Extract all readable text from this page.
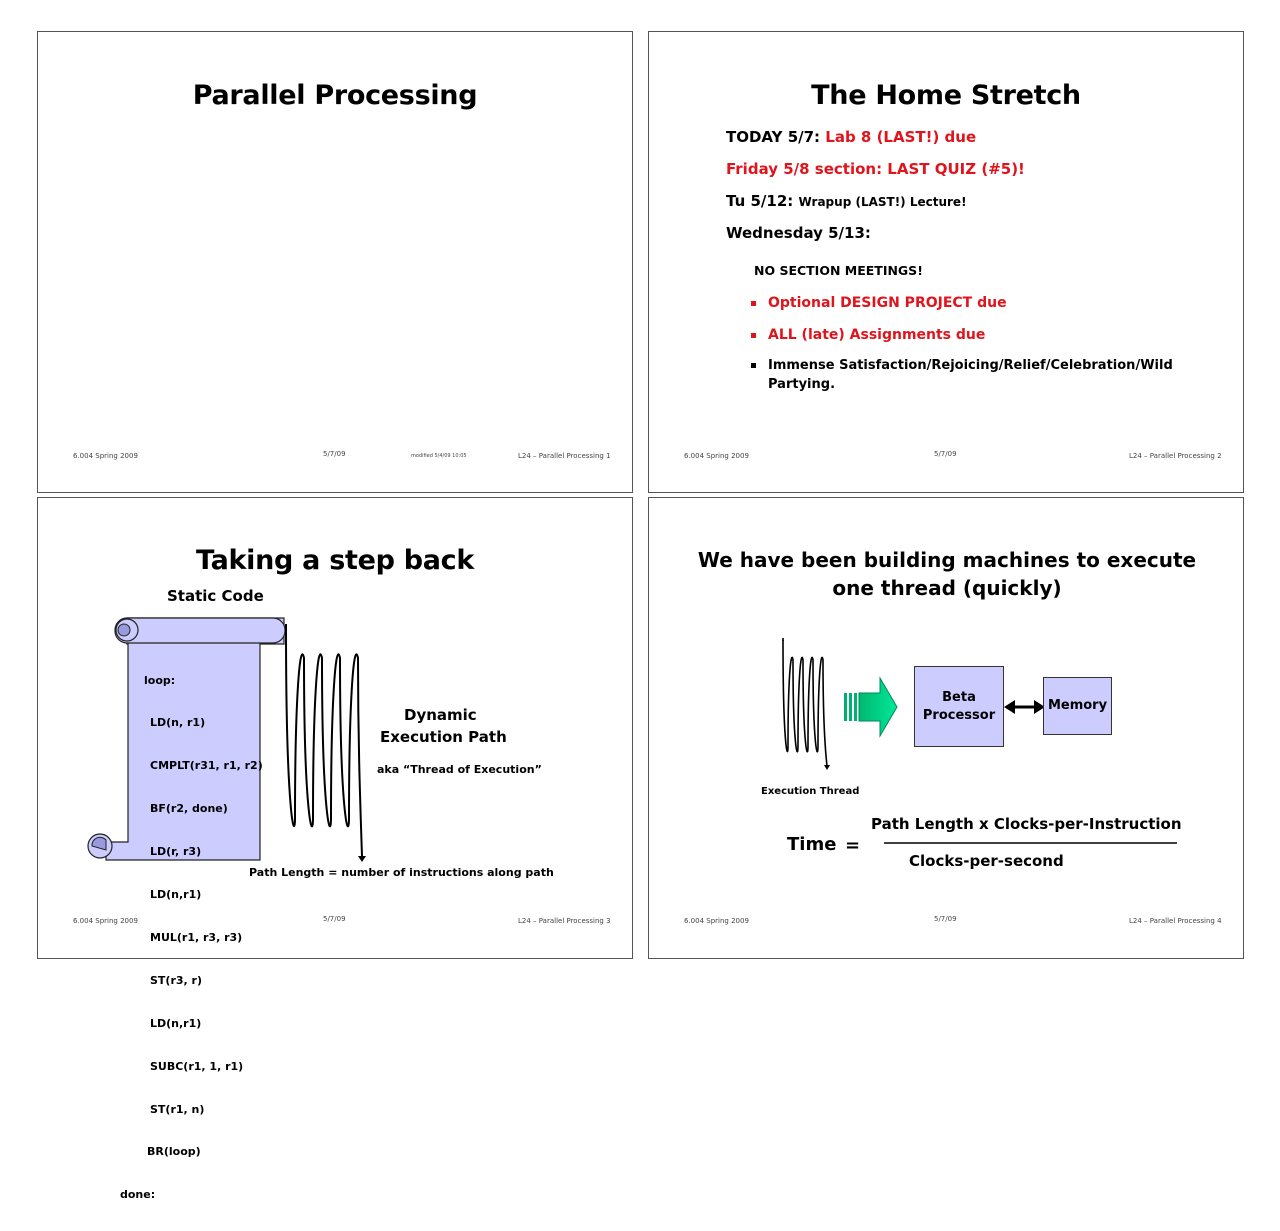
Parallel Processing
6.004 Spring 2009	5/7/09	modified 5/4/09 10:05	L24 – Parallel Processing 1
The Home Stretch
TODAY 5/7: Lab 8 (LAST!) due
Friday 5/8 section: LAST QUIZ (#5)!
Tu 5/12: Wrapup (LAST!) Lecture!
Wednesday 5/13:
NO SECTION MEETINGS!
Optional DESIGN PROJECT due
ALL (late) Assignments due
Immense Satisfaction/Rejoicing/Relief/Celebration/Wild
Partying.
6.004 Spring 2009	5/7/09	L24 – Parallel Processing 2
Taking a step back
Static Code

loop:

LD(n, r1)

CMPLT(r31, r1, r2)

BF(r2, done)

LD(r, r3)

LD(n,r1)

MUL(r1, r3, r3)

ST(r3, r)

LD(n,r1)

SUBC(r1, 1, r1)

ST(r1, n)

BR(loop)

done:

Dynamic
Execution Path
aka “Thread of Execution”
Path Length = number of instructions along path
6.004 Spring 2009	5/7/09	L24 – Parallel Processing 3
We have been building machines to execute
one thread (quickly)
Beta
Processor
Memory
Execution Thread
Time =
Path Length x Clocks-per-Instruction
Clocks-per-second
6.004 Spring 2009	5/7/09	L24 – Parallel Processing 4
